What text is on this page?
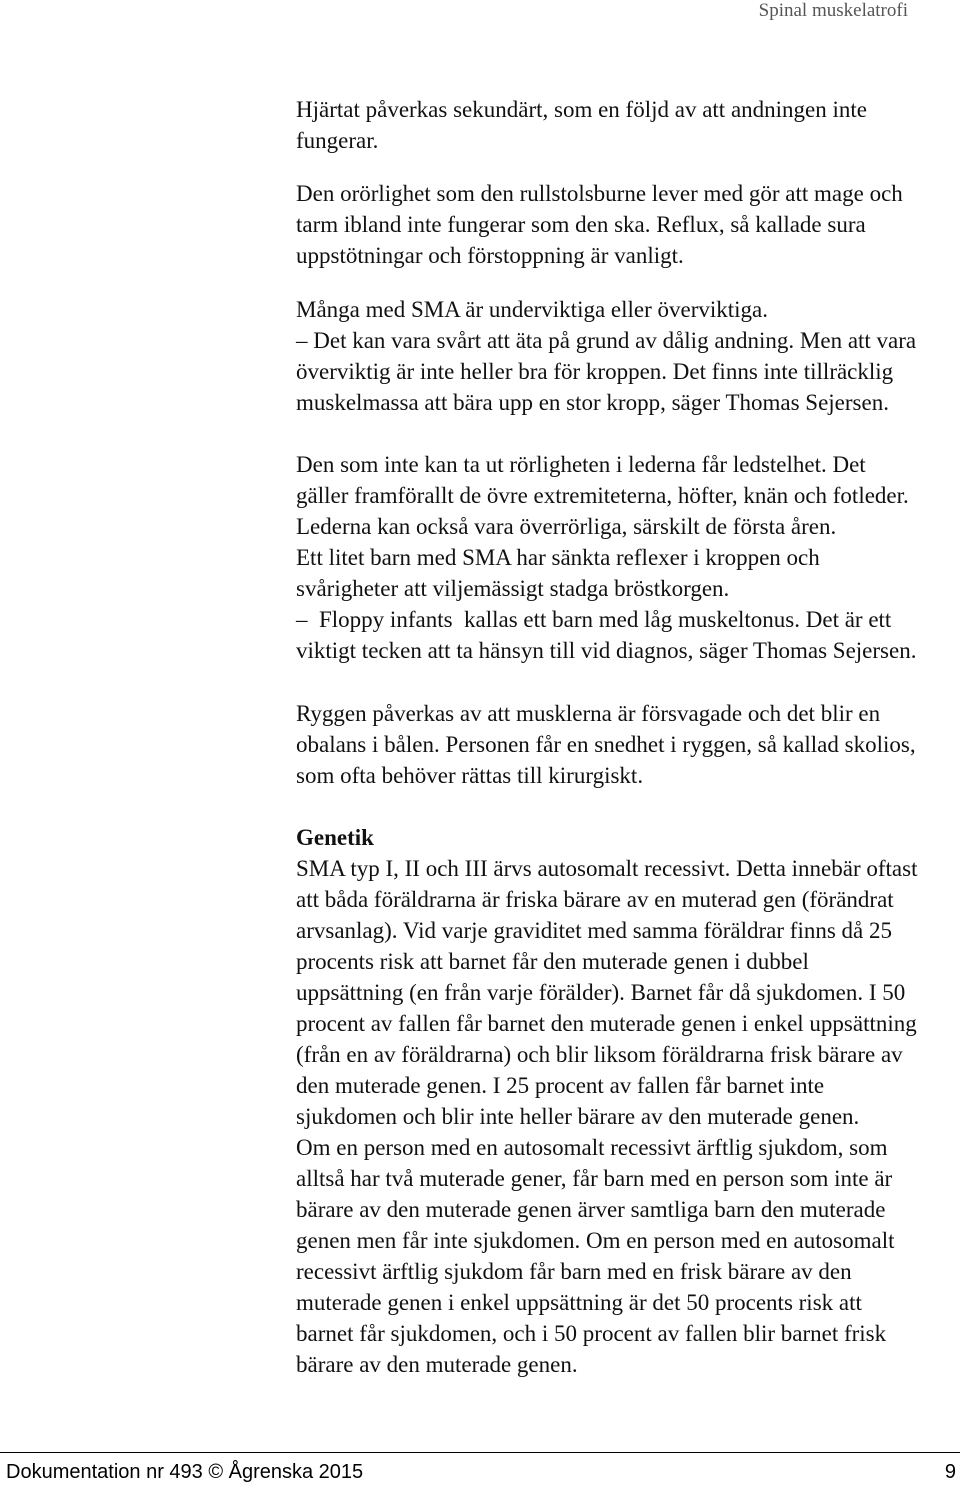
Spinal muskelatrofi
Hjärtat påverkas sekundärt, som en följd av att andningen inte
fungerar.
Den orörlighet som den rullstolsburne lever med gör att mage och
tarm ibland inte fungerar som den ska. Reflux, så kallade sura
uppstötningar och förstoppning är vanligt.
Många med SMA är underviktiga eller överviktiga.
– Det kan vara svårt att äta på grund av dålig andning. Men att vara
överviktig är inte heller bra för kroppen. Det finns inte tillräcklig
muskelmassa att bära upp en stor kropp, säger Thomas Sejersen.
Den som inte kan ta ut rörligheten i lederna får ledstelhet. Det
gäller framförallt de övre extremiteterna, höfter, knän och fotleder.
Lederna kan också vara överrörliga, särskilt de första åren.
Ett litet barn med SMA har sänkta reflexer i kroppen och
svårigheter att viljemässigt stadga bröstkorgen.
–  Floppy infants  kallas ett barn med låg muskeltonus. Det är ett
viktigt tecken att ta hänsyn till vid diagnos, säger Thomas Sejersen.
Ryggen påverkas av att musklerna är försvagade och det blir en
obalans i bålen. Personen får en snedhet i ryggen, så kallad skolios,
som ofta behöver rättas till kirurgiskt.
Genetik
SMA typ I, II och III ärvs autosomalt recessivt. Detta innebär oftast
att båda föräldrarna är friska bärare av en muterad gen (förändrat
arvsanlag). Vid varje graviditet med samma föräldrar finns då 25
procents risk att barnet får den muterade genen i dubbel
uppsättning (en från varje förälder). Barnet får då sjukdomen. I 50
procent av fallen får barnet den muterade genen i enkel uppsättning
(från en av föräldrarna) och blir liksom föräldrarna frisk bärare av
den muterade genen. I 25 procent av fallen får barnet inte
sjukdomen och blir inte heller bärare av den muterade genen.
Om en person med en autosomalt recessivt ärftlig sjukdom, som
alltså har två muterade gener, får barn med en person som inte är
bärare av den muterade genen ärver samtliga barn den muterade
genen men får inte sjukdomen. Om en person med en autosomalt
recessivt ärftlig sjukdom får barn med en frisk bärare av den
muterade genen i enkel uppsättning är det 50 procents risk att
barnet får sjukdomen, och i 50 procent av fallen blir barnet frisk
bärare av den muterade genen.
Dokumentation nr 493 © Ågrenska 2015	9
